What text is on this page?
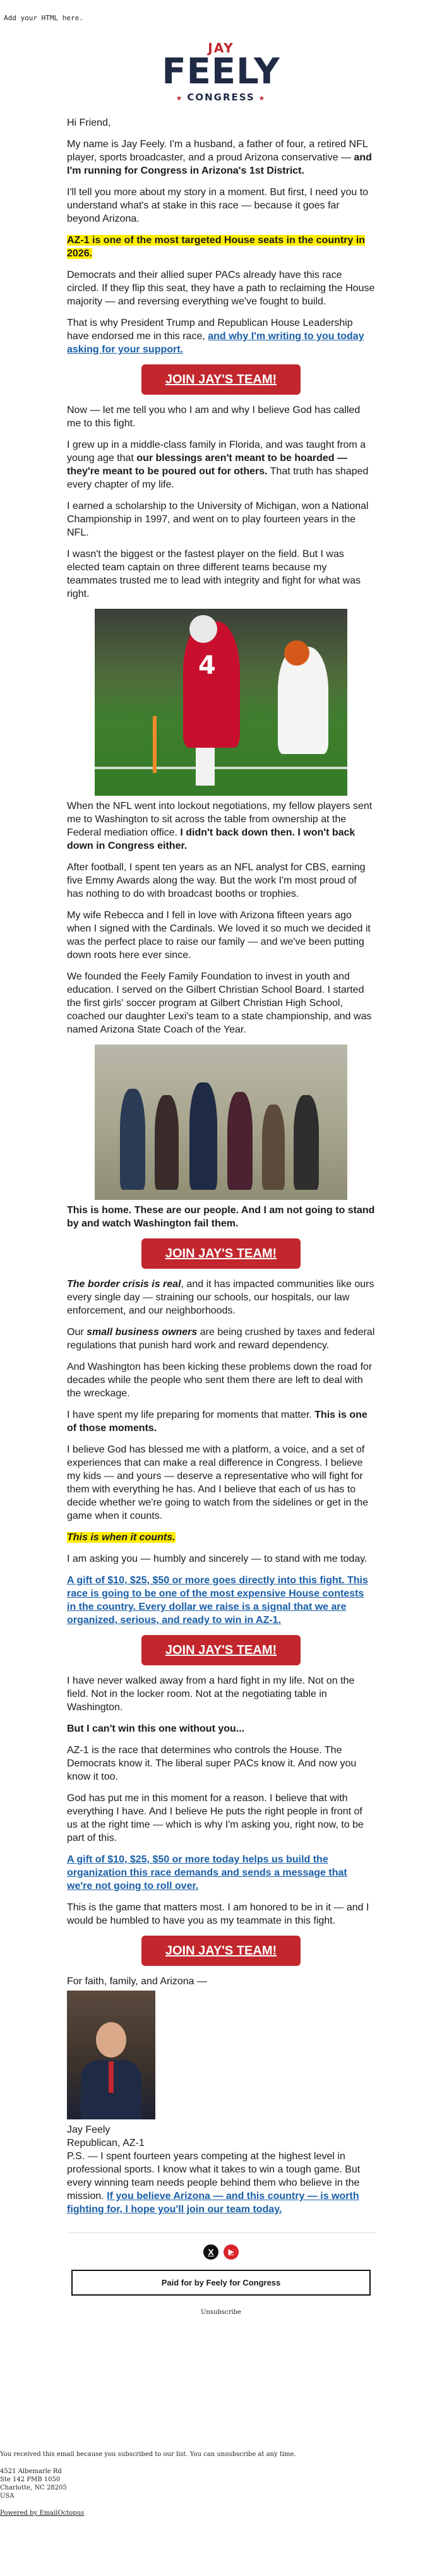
Add your HTML here.
JAY
FEELY
★ CONGRESS ★

Hi Friend,

My name is Jay Feely. I'm a husband, a father of four, a retired NFL player, sports broadcaster, and a proud Arizona conservative — and I'm running for Congress in Arizona's 1st District.

I'll tell you more about my story in a moment. But first, I need you to understand what's at stake in this race — because it goes far beyond Arizona.

AZ-1 is one of the most targeted House seats in the country in 2026.

Democrats and their allied super PACs already have this race circled. If they flip this seat, they have a path to reclaiming the House majority — and reversing everything we've fought to build.

That is why President Trump and Republican House Leadership have endorsed me in this race, and why I'm writing to you today asking for your support.

JOIN JAY'S TEAM!

Now — let me tell you who I am and why I believe God has called me to this fight.

I grew up in a middle-class family in Florida, and was taught from a young age that our blessings aren't meant to be hoarded — they're meant to be poured out for others. That truth has shaped every chapter of my life.

I earned a scholarship to the University of Michigan, won a National Championship in 1997, and went on to play fourteen years in the NFL.

I wasn't the biggest or the fastest player on the field. But I was elected team captain on three different teams because my teammates trusted me to lead with integrity and fight for what was right.

4

When the NFL went into lockout negotiations, my fellow players sent me to Washington to sit across the table from ownership at the Federal mediation office. I didn't back down then. I won't back down in Congress either.

After football, I spent ten years as an NFL analyst for CBS, earning five Emmy Awards along the way. But the work I'm most proud of has nothing to do with broadcast booths or trophies.

My wife Rebecca and I fell in love with Arizona fifteen years ago when I signed with the Cardinals. We loved it so much we decided it was the perfect place to raise our family — and we've been putting down roots here ever since.

We founded the Feely Family Foundation to invest in youth and education. I served on the Gilbert Christian School Board. I started the first girls' soccer program at Gilbert Christian High School, coached our daughter Lexi's team to a state championship, and was named Arizona State Coach of the Year.

This is home. These are our people. And I am not going to stand by and watch Washington fail them.

JOIN JAY'S TEAM!

The border crisis is real, and it has impacted communities like ours every single day — straining our schools, our hospitals, our law enforcement, and our neighborhoods.

Our small business owners are being crushed by taxes and federal regulations that punish hard work and reward dependency.

And Washington has been kicking these problems down the road for decades while the people who sent them there are left to deal with the wreckage.

I have spent my life preparing for moments that matter. This is one of those moments.

I believe God has blessed me with a platform, a voice, and a set of experiences that can make a real difference in Congress. I believe my kids — and yours — deserve a representative who will fight for them with everything he has. And I believe that each of us has to decide whether we're going to watch from the sidelines or get in the game when it counts.

This is when it counts.

I am asking you — humbly and sincerely — to stand with me today.

A gift of $10, $25, $50 or more goes directly into this fight. This race is going to be one of the most expensive House contests in the country. Every dollar we raise is a signal that we are organized, serious, and ready to win in AZ-1.

JOIN JAY'S TEAM!

I have never walked away from a hard fight in my life. Not on the field. Not in the locker room. Not at the negotiating table in Washington.

But I can't win this one without you...

AZ-1 is the race that determines who controls the House. The Democrats know it. The liberal super PACs know it. And now you know it too.

God has put me in this moment for a reason. I believe that with everything I have. And I believe He puts the right people in front of us at the right time — which is why I'm asking you, right now, to be part of this.

A gift of $10, $25, $50 or more today helps us build the organization this race demands and sends a message that we're not going to roll over.

This is the game that matters most. I am honored to be in it — and I would be humbled to have you as my teammate in this fight.

JOIN JAY'S TEAM!
For faith, family, and Arizona —
Jay Feely
Republican, AZ-1

P.S. — I spent fourteen years competing at the highest level in professional sports. I know what it takes to win a tough game. But every winning team needs people behind them who believe in the mission. If you believe Arizona — and this country — is worth fighting for, I hope you'll join our team today.

X	▶
Paid for by Feely for Congress
Unsubscribe
You received this email because you subscribed to our list. You can unsubscribe at any time.
4521 Albemarle Rd
Ste 142 PMB 1050
Charlotte, NC 28205
USA
Powered by EmailOctopus
